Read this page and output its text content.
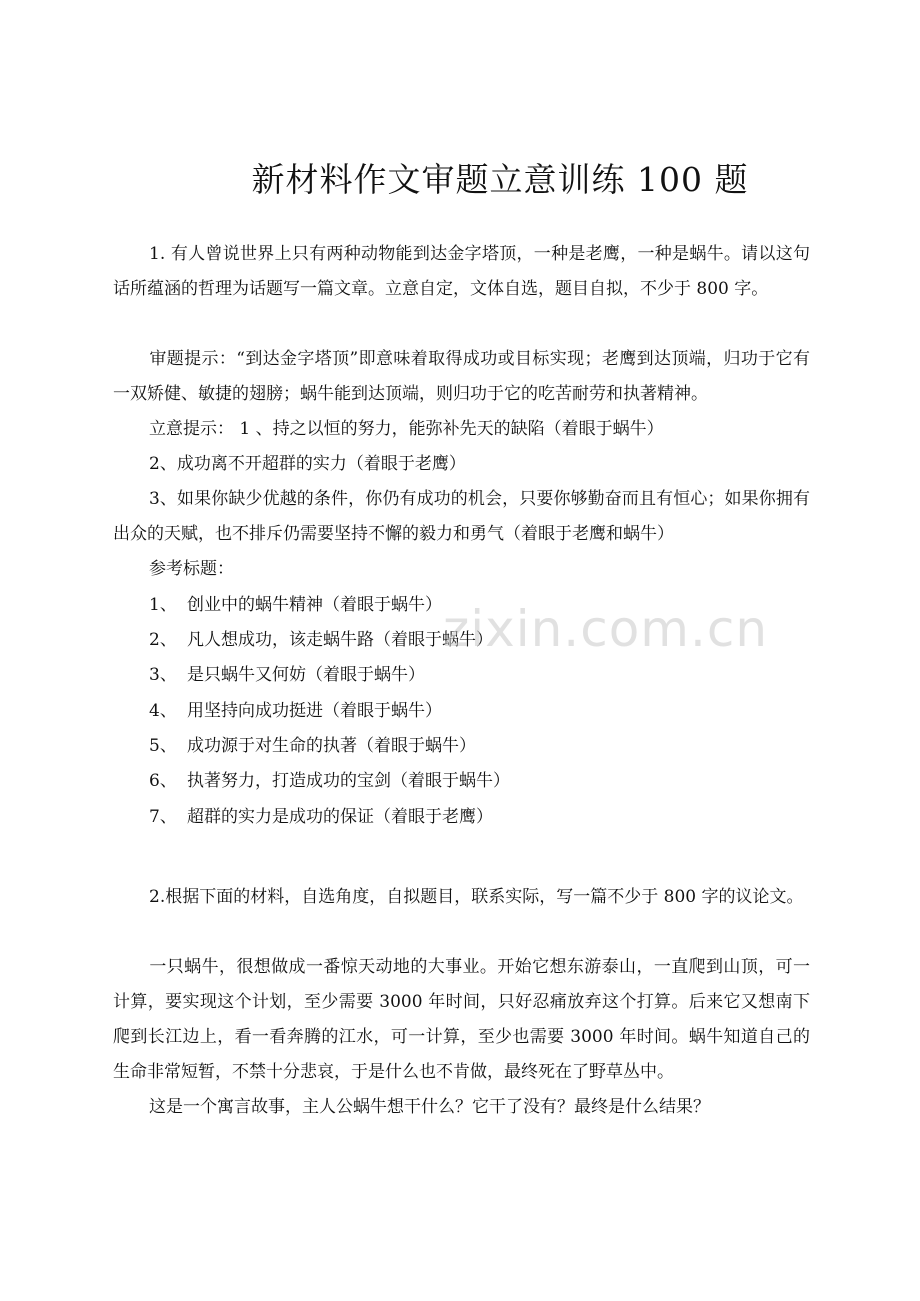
新材料作文审题立意训练 100 题
1. 有人曾说世界上只有两种动物能到达金字塔顶，一种是老鹰，一种是蜗牛。请以这句话所蕴涵的哲理为话题写一篇文章。立意自定，文体自选，题目自拟，不少于 800 字。
审题提示：“到达金字塔顶”即意味着取得成功或目标实现；老鹰到达顶端，归功于它有一双矫健、敏捷的翅膀；蜗牛能到达顶端，则归功于它的吃苦耐劳和执著精神。
立意提示： 1 、持之以恒的努力，能弥补先天的缺陷（着眼于蜗牛）
2、成功离不开超群的实力（着眼于老鹰）
3、如果你缺少优越的条件，你仍有成功的机会，只要你够勤奋而且有恒心；如果你拥有出众的天赋，也不排斥仍需要坚持不懈的毅力和勇气（着眼于老鹰和蜗牛）
参考标题：
1、 创业中的蜗牛精神（着眼于蜗牛）
2、 凡人想成功，该走蜗牛路（着眼于蜗牛）
3、 是只蜗牛又何妨（着眼于蜗牛）
4、 用坚持向成功挺进（着眼于蜗牛）
5、 成功源于对生命的执著（着眼于蜗牛）
6、 执著努力，打造成功的宝剑（着眼于蜗牛）
7、 超群的实力是成功的保证（着眼于老鹰）
2.根据下面的材料，自选角度，自拟题目，联系实际，写一篇不少于 800 字的议论文。
一只蜗牛，很想做成一番惊天动地的大事业。开始它想东游泰山，一直爬到山顶，可一计算，要实现这个计划，至少需要 3000 年时间，只好忍痛放弃这个打算。后来它又想南下爬到长江边上，看一看奔腾的江水，可一计算，至少也需要 3000 年时间。蜗牛知道自己的生命非常短暂，不禁十分悲哀，于是什么也不肯做，最终死在了野草丛中。
这是一个寓言故事，主人公蜗牛想干什么？它干了没有？最终是什么结果？
zixin.com.cn
